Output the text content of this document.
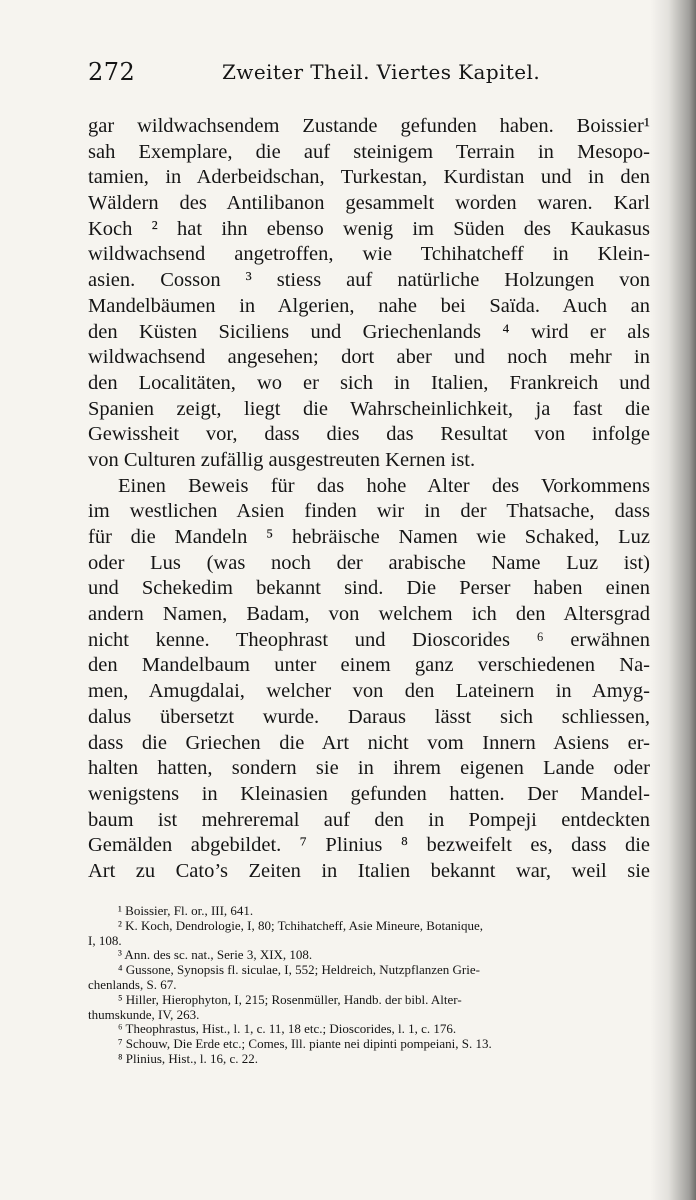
272	Zweiter Theil. Viertes Kapitel.
gar wildwachsendem Zustande gefunden haben. Boissier¹
sah Exemplare, die auf steinigem Terrain in Mesopo-
tamien, in Aderbeidschan, Turkestan, Kurdistan und in den
Wäldern des Antilibanon gesammelt worden waren. Karl
Koch ² hat ihn ebenso wenig im Süden des Kaukasus
wildwachsend angetroffen, wie Tchihatcheff in Klein-
asien. Cosson ³ stiess auf natürliche Holzungen von
Mandelbäumen in Algerien, nahe bei Saïda. Auch an
den Küsten Siciliens und Griechenlands ⁴ wird er als
wildwachsend angesehen; dort aber und noch mehr in
den Localitäten, wo er sich in Italien, Frankreich und
Spanien zeigt, liegt die Wahrscheinlichkeit, ja fast die
Gewissheit vor, dass dies das Resultat von infolge
von Culturen zufällig ausgestreuten Kernen ist.
Einen Beweis für das hohe Alter des Vorkommens
im westlichen Asien finden wir in der Thatsache, dass
für die Mandeln ⁵ hebräische Namen wie Schaked, Luz
oder Lus (was noch der arabische Name Luz ist)
und Schekedim bekannt sind. Die Perser haben einen
andern Namen, Badam, von welchem ich den Altersgrad
nicht kenne. Theophrast und Dioscorides ⁶ erwähnen
den Mandelbaum unter einem ganz verschiedenen Na-
men, Amugdalai, welcher von den Lateinern in Amyg-
dalus übersetzt wurde. Daraus lässt sich schliessen,
dass die Griechen die Art nicht vom Innern Asiens er-
halten hatten, sondern sie in ihrem eigenen Lande oder
wenigstens in Kleinasien gefunden hatten. Der Mandel-
baum ist mehreremal auf den in Pompeji entdeckten
Gemälden abgebildet. ⁷ Plinius ⁸ bezweifelt es, dass die
Art zu Cato’s Zeiten in Italien bekannt war, weil sie
¹ Boissier, Fl. or., III, 641.
² K. Koch, Dendrologie, I, 80; Tchihatcheff, Asie Mineure, Botanique,
I, 108.
³ Ann. des sc. nat., Serie 3, XIX, 108.
⁴ Gussone, Synopsis fl. siculae, I, 552; Heldreich, Nutzpflanzen Grie-
chenlands, S. 67.
⁵ Hiller, Hierophyton, I, 215; Rosenmüller, Handb. der bibl. Alter-
thumskunde, IV, 263.
⁶ Theophrastus, Hist., l. 1, c. 11, 18 etc.; Dioscorides, l. 1, c. 176.
⁷ Schouw, Die Erde etc.; Comes, Ill. piante nei dipinti pompeiani, S. 13.
⁸ Plinius, Hist., l. 16, c. 22.
